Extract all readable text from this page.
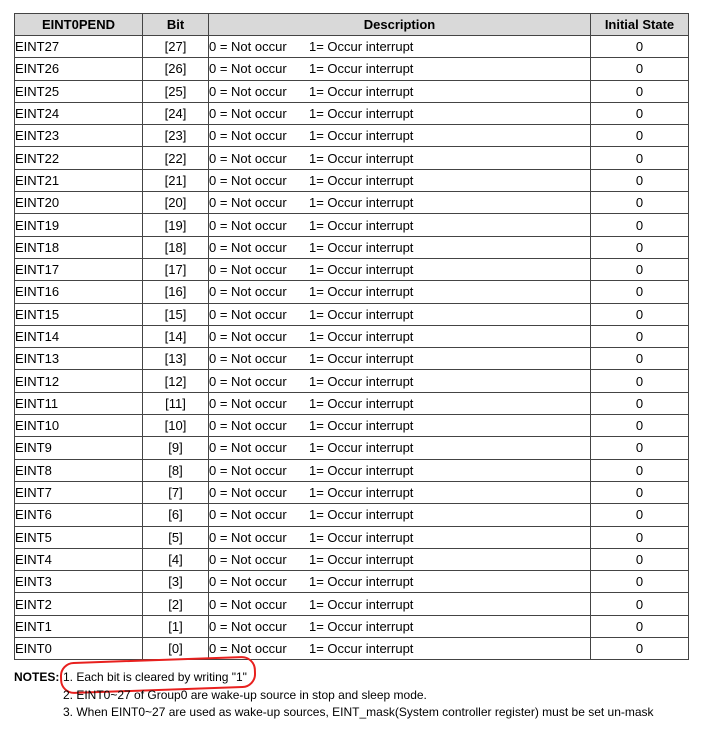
EINT0PEND	Bit	Description	Initial State
EINT27	[27]	0 = Not occur 1= Occur interrupt	0
EINT26	[26]	0 = Not occur 1= Occur interrupt	0
EINT25	[25]	0 = Not occur 1= Occur interrupt	0
EINT24	[24]	0 = Not occur 1= Occur interrupt	0
EINT23	[23]	0 = Not occur 1= Occur interrupt	0
EINT22	[22]	0 = Not occur 1= Occur interrupt	0
EINT21	[21]	0 = Not occur 1= Occur interrupt	0
EINT20	[20]	0 = Not occur 1= Occur interrupt	0
EINT19	[19]	0 = Not occur 1= Occur interrupt	0
EINT18	[18]	0 = Not occur 1= Occur interrupt	0
EINT17	[17]	0 = Not occur 1= Occur interrupt	0
EINT16	[16]	0 = Not occur 1= Occur interrupt	0
EINT15	[15]	0 = Not occur 1= Occur interrupt	0
EINT14	[14]	0 = Not occur 1= Occur interrupt	0
EINT13	[13]	0 = Not occur 1= Occur interrupt	0
EINT12	[12]	0 = Not occur 1= Occur interrupt	0
EINT11	[11]	0 = Not occur 1= Occur interrupt	0
EINT10	[10]	0 = Not occur 1= Occur interrupt	0
EINT9	[9]	0 = Not occur 1= Occur interrupt	0
EINT8	[8]	0 = Not occur 1= Occur interrupt	0
EINT7	[7]	0 = Not occur 1= Occur interrupt	0
EINT6	[6]	0 = Not occur 1= Occur interrupt	0
EINT5	[5]	0 = Not occur 1= Occur interrupt	0
EINT4	[4]	0 = Not occur 1= Occur interrupt	0
EINT3	[3]	0 = Not occur 1= Occur interrupt	0
EINT2	[2]	0 = Not occur 1= Occur interrupt	0
EINT1	[1]	0 = Not occur 1= Occur interrupt	0
EINT0	[0]	0 = Not occur 1= Occur interrupt	0
NOTES: 1. Each bit is cleared by writing "1"
2. EINT0~27 of Group0 are wake-up source in stop and sleep mode.
3. When EINT0~27 are used as wake-up sources, EINT_mask(System controller register) must be set un-mask
